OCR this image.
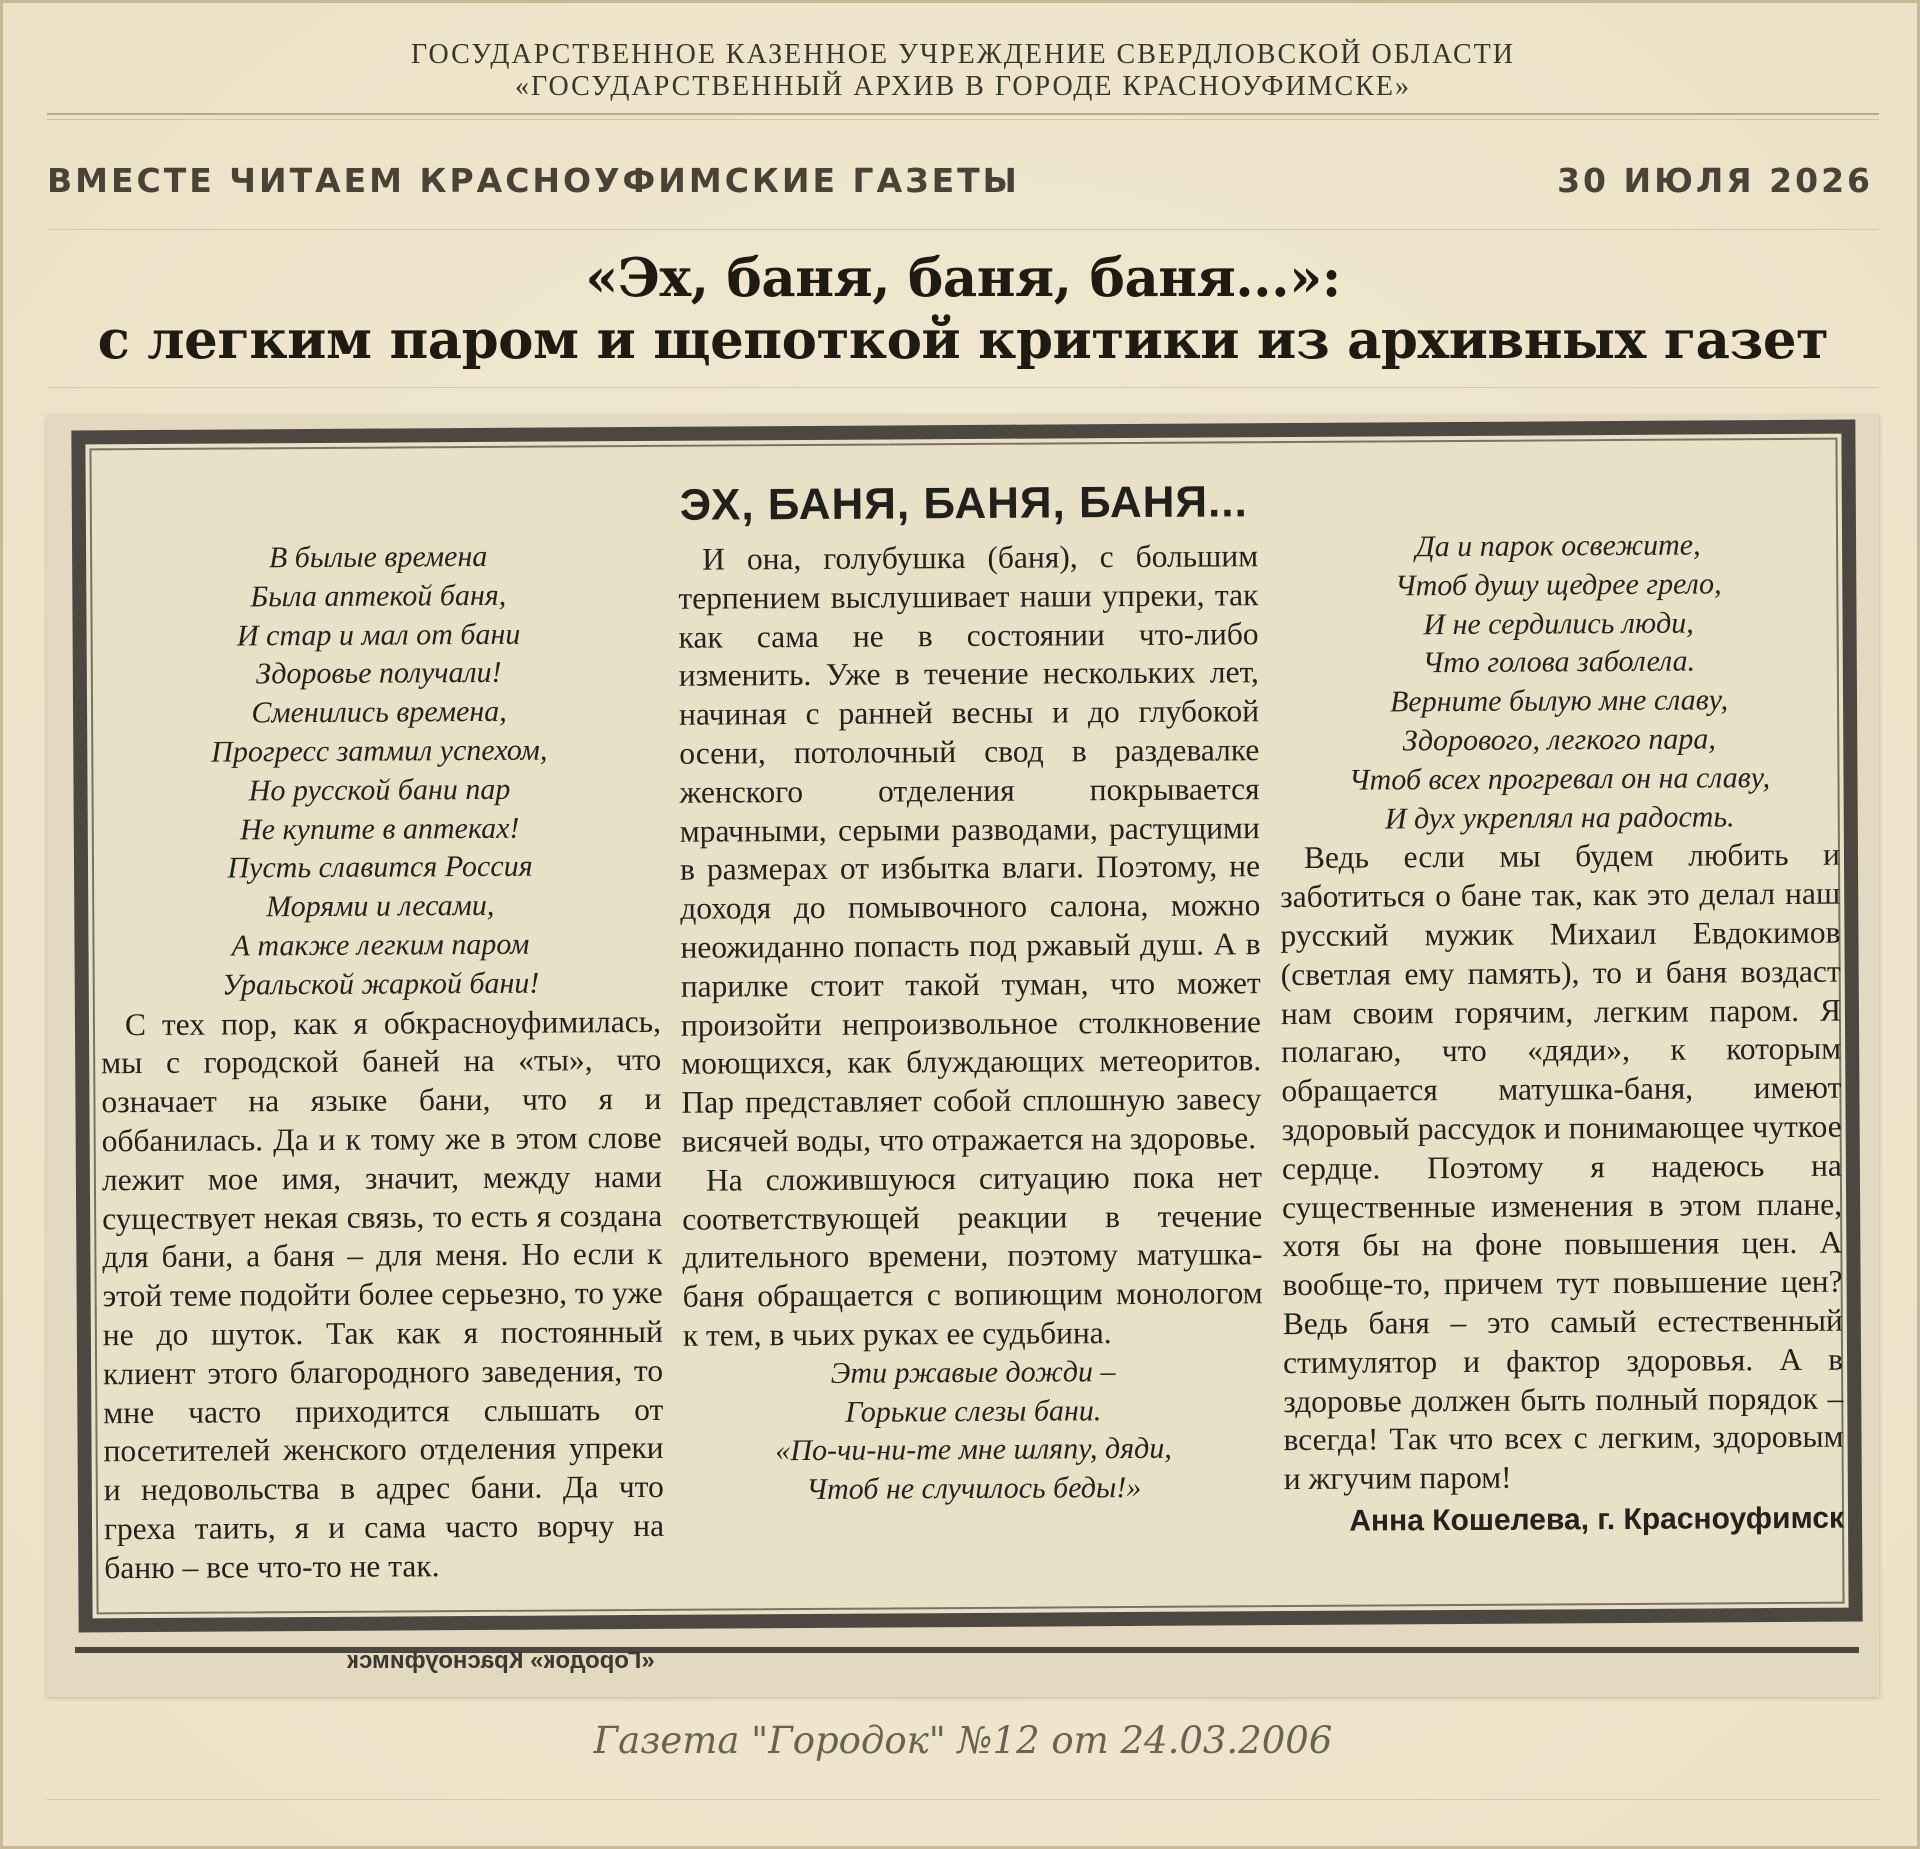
ГОСУДАРСТВЕННОЕ КАЗЕННОЕ УЧРЕЖДЕНИЕ СВЕРДЛОВСКОЙ ОБЛАСТИ
«ГОСУДАРСТВЕННЫЙ АРХИВ В ГОРОДЕ КРАСНОУФИМСКЕ»
ВМЕСТЕ ЧИТАЕМ КРАСНОУФИМСКИЕ ГАЗЕТЫ	30 ИЮЛЯ 2026
«Эх, баня, баня, баня...»:
с легким паром и щепоткой критики из архивных газет
ЭХ, БАНЯ, БАНЯ, БАНЯ...
В былые времена
Была аптекой баня,
И стар и мал от бани
Здоровье получали!
Сменились времена,
Прогресс затмил успехом,
Но русской бани пар
Не купите в аптеках!
Пусть славится Россия
Морями и лесами,
А также легким паром
Уральской жаркой бани!

С тех пор, как я обкрасноуфимилась, мы с городской баней на «ты», что означает на языке бани, что я и оббанилась. Да и к тому же в этом слове лежит мое имя, значит, между нами существует некая связь, то есть я создана для бани, а баня – для меня. Но если к этой теме подойти более серьезно, то уже не до шуток. Так как я постоянный клиент этого благородного заведения, то мне часто приходится слышать от посетителей женского отделения упреки и недовольства в адрес бани. Да что греха таить, я и сама часто ворчу на баню – все что-то не так.

И она, голубушка (баня), с большим терпением выслушивает наши упреки, так как сама не в состоянии что-либо изменить. Уже в течение нескольких лет, начиная с ранней весны и до глубокой осени, потолочный свод в раздевалке женского отделения покрывается мрачными, серыми разводами, растущими в размерах от избытка влаги. Поэтому, не доходя до помывочного салона, можно неожиданно попасть под ржавый душ. А в парилке стоит такой туман, что может произойти непроизвольное столкновение моющихся, как блуждающих метеоритов. Пар представляет собой сплошную завесу висячей воды, что отражается на здоровье.

На сложившуюся ситуацию пока нет соответствующей реакции в течение длительного времени, поэтому матушка-баня обращается с вопиющим монологом к тем, в чьих руках ее судьбина.

Эти ржавые дожди –
Горькие слезы бани.
«По-чи-ни-те мне шляпу, дяди,
Чтоб не случилось беды!»
Да и парок освежите,
Чтоб душу щедрее грело,
И не сердились люди,
Что голова заболела.
Верните былую мне славу,
Здорового, легкого пара,
Чтоб всех прогревал он на славу,
И дух укреплял на радость.

Ведь если мы будем любить и заботиться о бане так, как это делал наш русский мужик Михаил Евдокимов (светлая ему память), то и баня воздаст нам своим горячим, легким паром. Я полагаю, что «дяди», к которым обращается матушка-баня, имеют здоровый рассудок и понимающее чуткое сердце. Поэтому я надеюсь на существенные изменения в этом плане, хотя бы на фоне повышения цен. А вообще-то, причем тут повышение цен? Ведь баня – это самый естественный стимулятор и фактор здоровья. А в здоровье должен быть полный порядок – всегда! Так что всех с легким, здоровым и жгучим паром!

Анна Кошелева, г. Красноуфимск
«Городок» Красноуфимск
Газета "Городок" №12 от 24.03.2006
